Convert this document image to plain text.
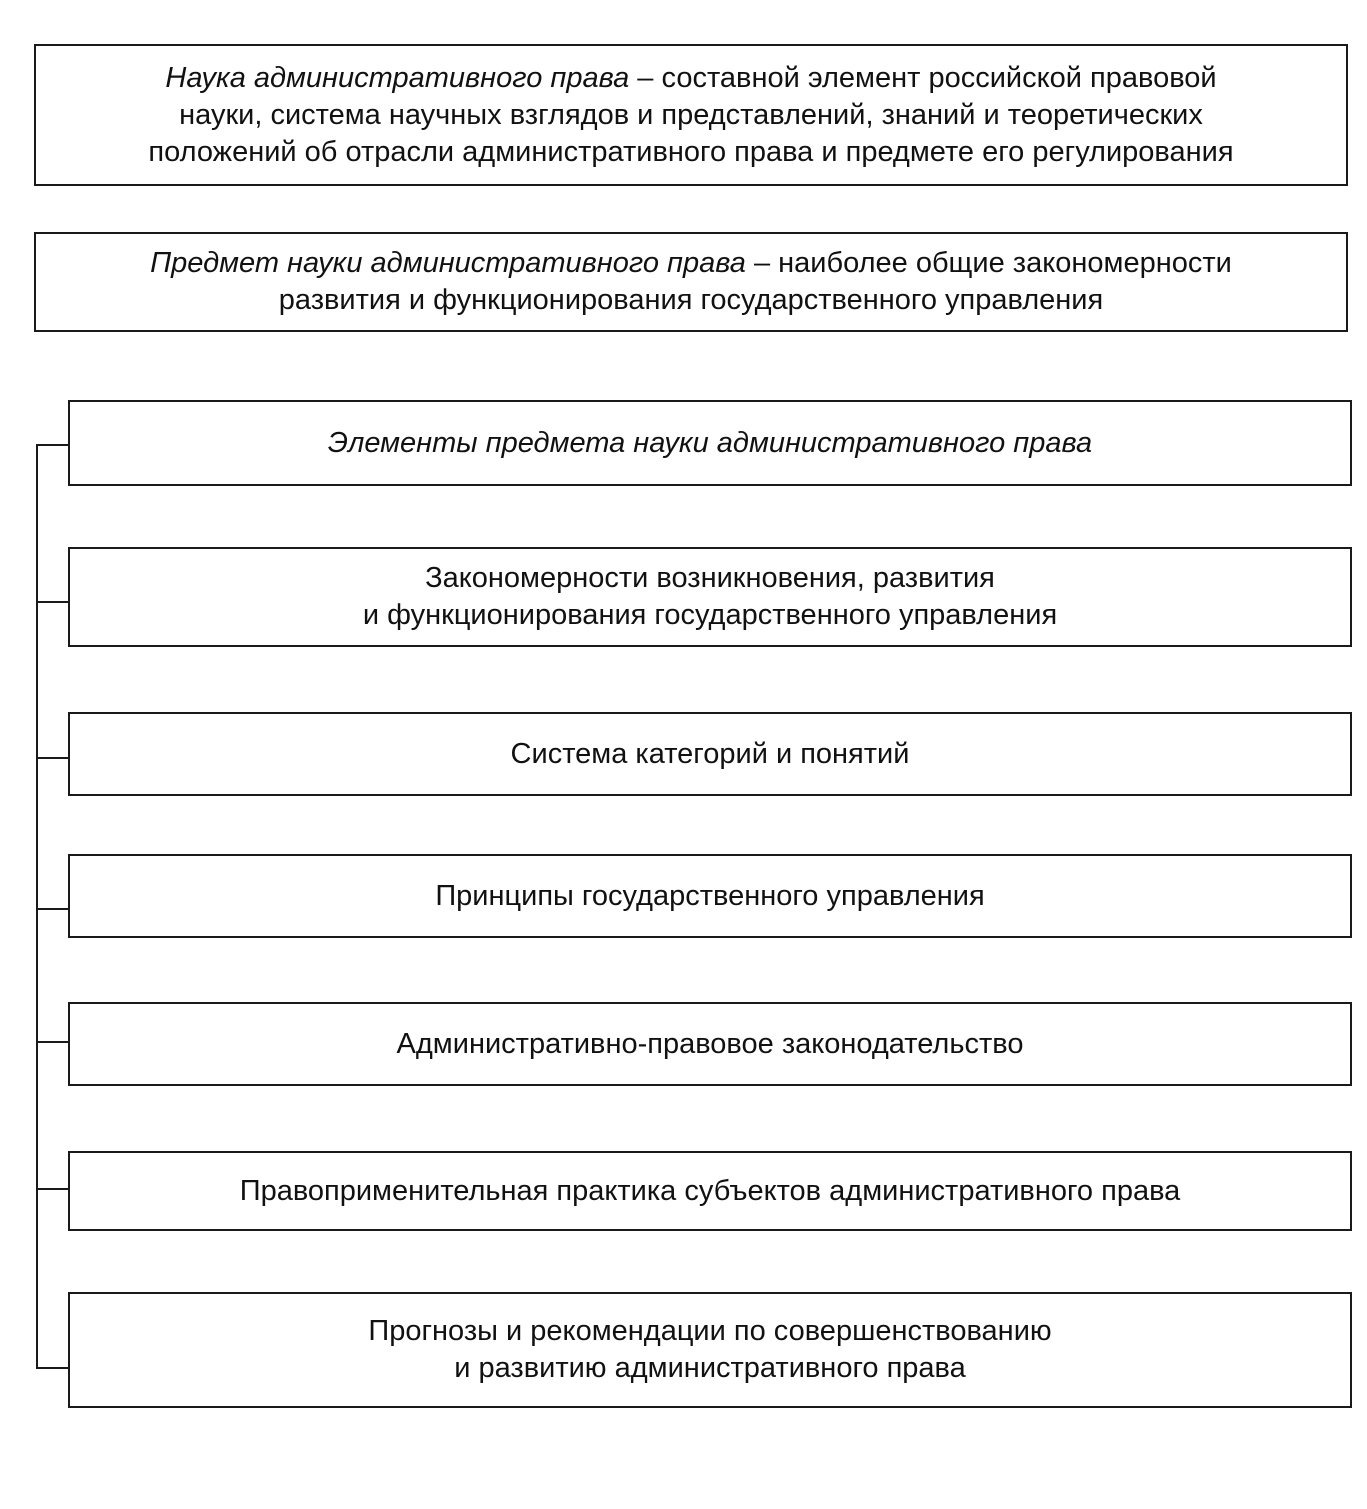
Наука административного права – составной элемент российской правовой
науки, система научных взглядов и представлений, знаний и теоретических
положений об отрасли административного права и предмете его регулирования
Предмет науки административного права – наиболее общие закономерности
развития и функционирования государственного управления
Элементы предмета науки административного права
Закономерности возникновения, развития
и функционирования государственного управления
Система категорий и понятий
Принципы государственного управления
Административно-правовое законодательство
Правоприменительная практика субъектов административного права
Прогнозы и рекомендации по совершенствованию
и развитию административного права
